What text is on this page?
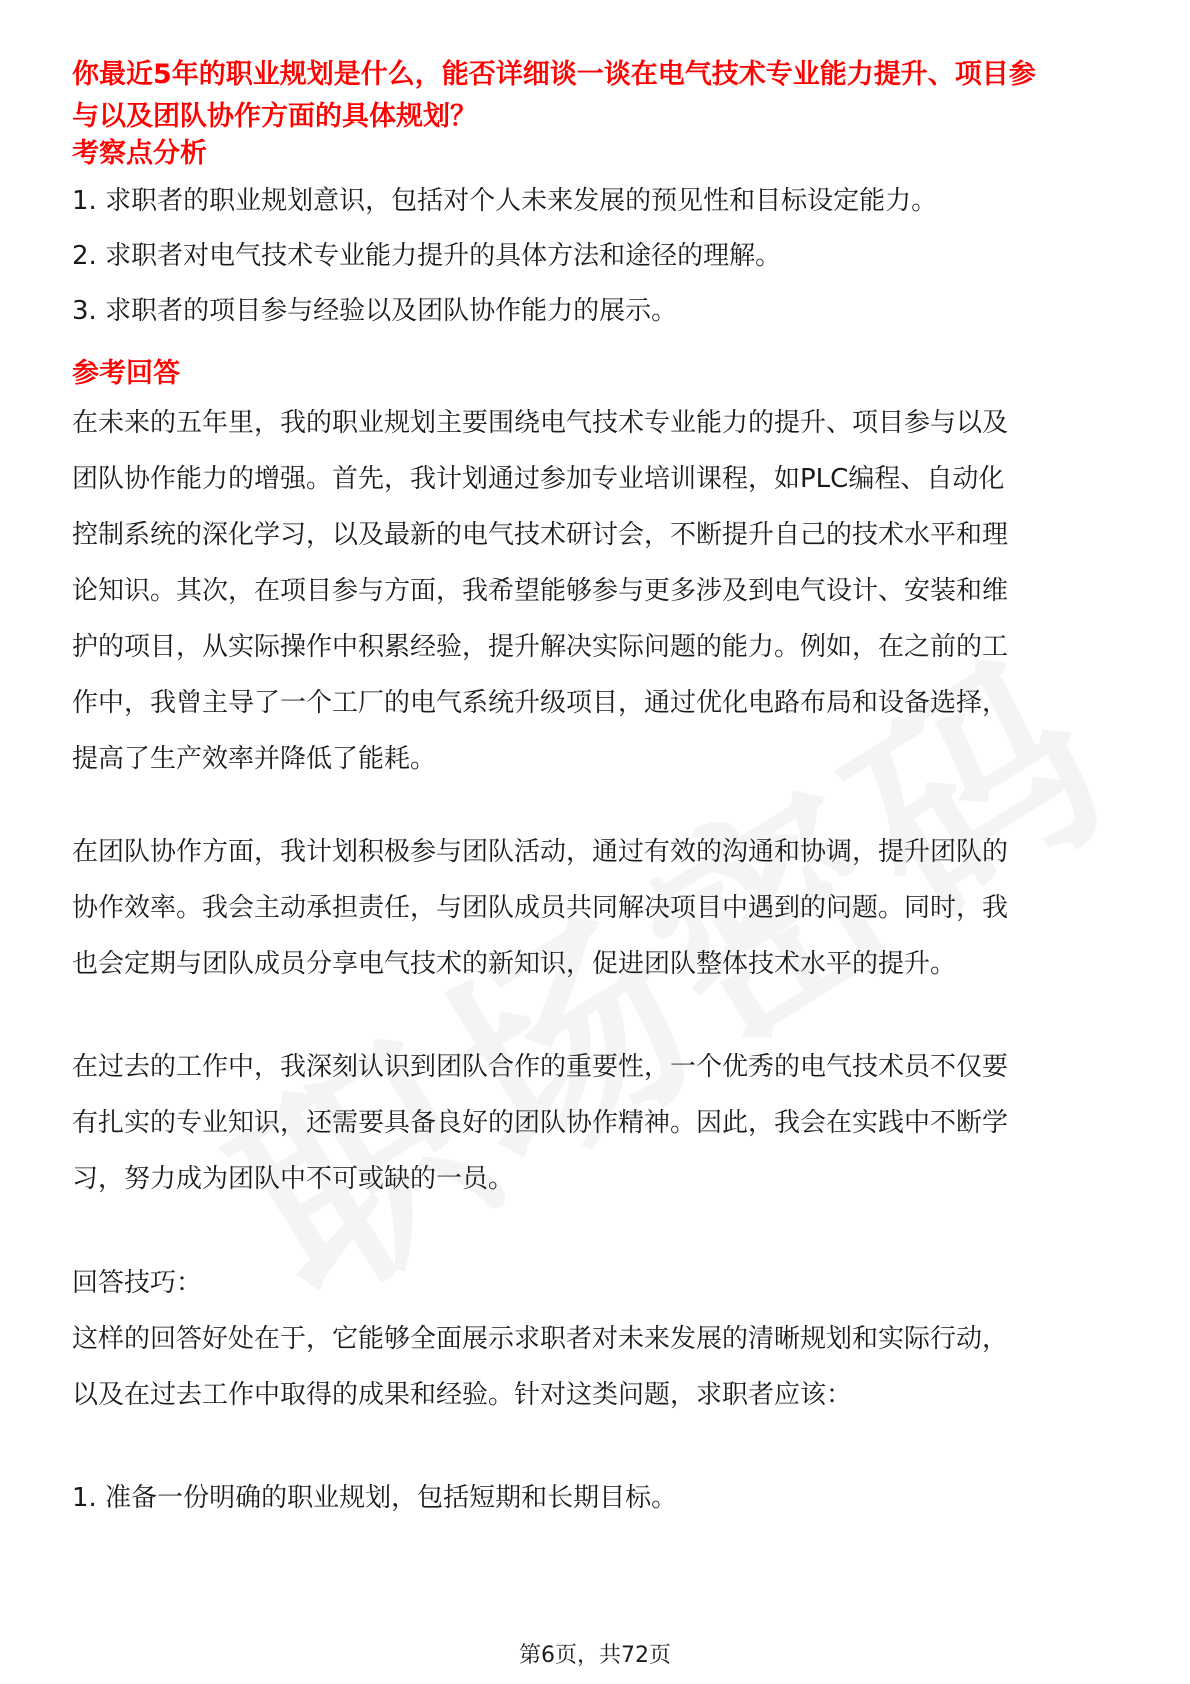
你最近5年的职业规划是什么，能否详细谈一谈在电气技术专业能力提升、项目参
与以及团队协作方面的具体规划？
考察点分析
1. 求职者的职业规划意识，包括对个人未来发展的预见性和目标设定能力。
2. 求职者对电气技术专业能力提升的具体方法和途径的理解。
3. 求职者的项目参与经验以及团队协作能力的展示。
参考回答
在未来的五年里，我的职业规划主要围绕电气技术专业能力的提升、项目参与以及
团队协作能力的增强。首先，我计划通过参加专业培训课程，如PLC编程、自动化
控制系统的深化学习，以及最新的电气技术研讨会，不断提升自己的技术水平和理
论知识。其次，在项目参与方面，我希望能够参与更多涉及到电气设计、安装和维
护的项目，从实际操作中积累经验，提升解决实际问题的能力。例如，在之前的工
作中，我曾主导了一个工厂的电气系统升级项目，通过优化电路布局和设备选择，
提高了生产效率并降低了能耗。
在团队协作方面，我计划积极参与团队活动，通过有效的沟通和协调，提升团队的
协作效率。我会主动承担责任，与团队成员共同解决项目中遇到的问题。同时，我
也会定期与团队成员分享电气技术的新知识，促进团队整体技术水平的提升。
在过去的工作中，我深刻认识到团队合作的重要性，一个优秀的电气技术员不仅要
有扎实的专业知识，还需要具备良好的团队协作精神。因此，我会在实践中不断学
习，努力成为团队中不可或缺的一员。
回答技巧：
这样的回答好处在于，它能够全面展示求职者对未来发展的清晰规划和实际行动，
以及在过去工作中取得的成果和经验。针对这类问题，求职者应该：
1. 准备一份明确的职业规划，包括短期和长期目标。
第6页，共72页
